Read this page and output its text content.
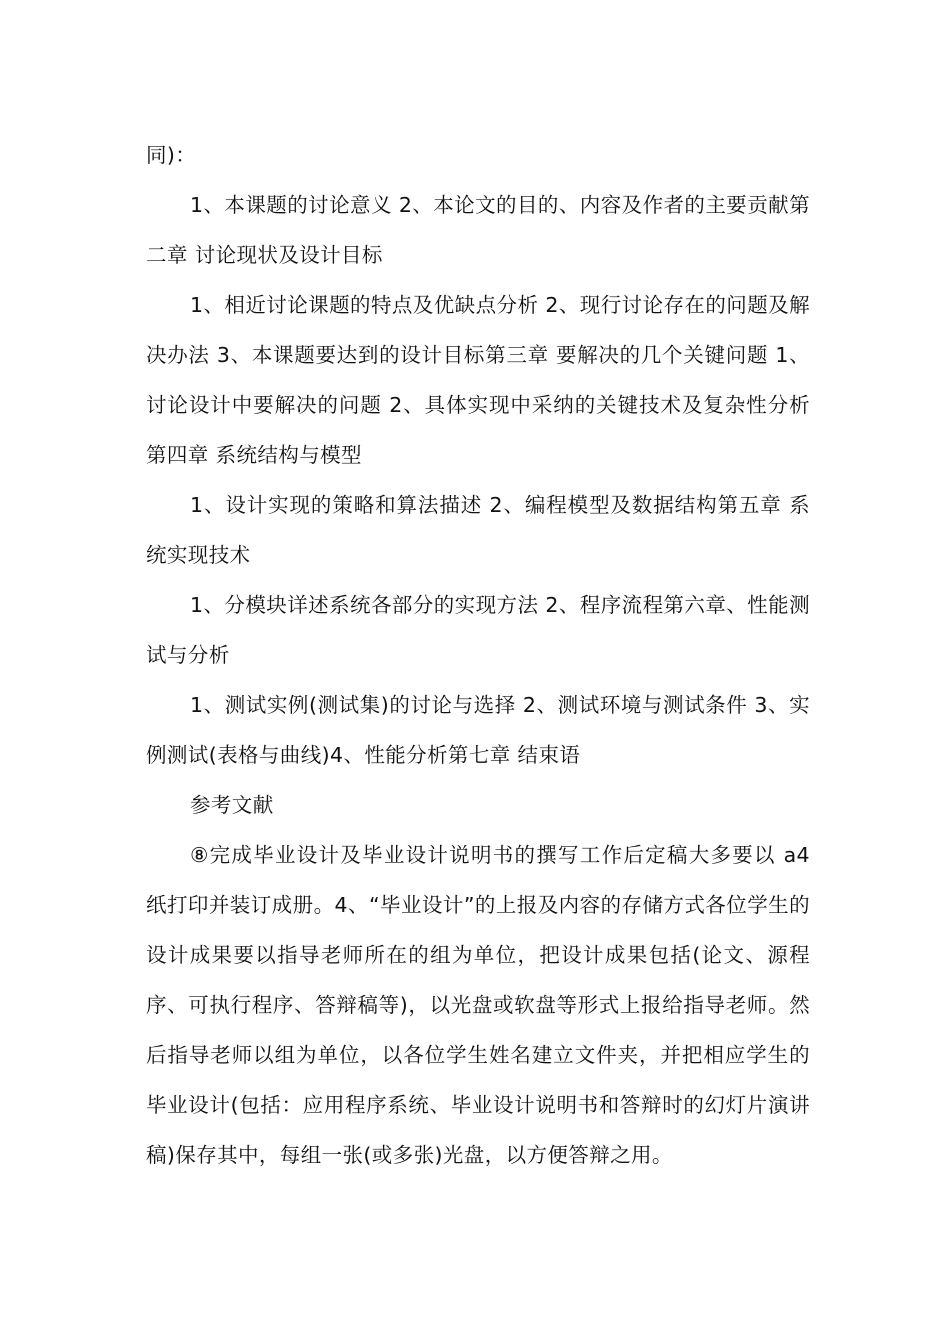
同)：

1、本课题的讨论意义 2、本论文的目的、内容及作者的主要贡献第二章 讨论现状及设计目标

1、相近讨论课题的特点及优缺点分析 2、现行讨论存在的问题及解决办法 3、本课题要达到的设计目标第三章 要解决的几个关键问题 1、讨论设计中要解决的问题 2、具体实现中采纳的关键技术及复杂性分析第四章 系统结构与模型

1、设计实现的策略和算法描述 2、编程模型及数据结构第五章 系统实现技术

1、分模块详述系统各部分的实现方法 2、程序流程第六章、性能测试与分析

1、测试实例(测试集)的讨论与选择 2、测试环境与测试条件 3、实例测试(表格与曲线)4、性能分析第七章 结束语

参考文献

⑧完成毕业设计及毕业设计说明书的撰写工作后定稿大多要以 a4 纸打印并装订成册。4、“毕业设计”的上报及内容的存储方式各位学生的设计成果要以指导老师所在的组为单位，把设计成果包括(论文、源程序、可执行程序、答辩稿等)，以光盘或软盘等形式上报给指导老师。然后指导老师以组为单位，以各位学生姓名建立文件夹，并把相应学生的毕业设计(包括：应用程序系统、毕业设计说明书和答辩时的幻灯片演讲稿)保存其中，每组一张(或多张)光盘，以方便答辩之用。
